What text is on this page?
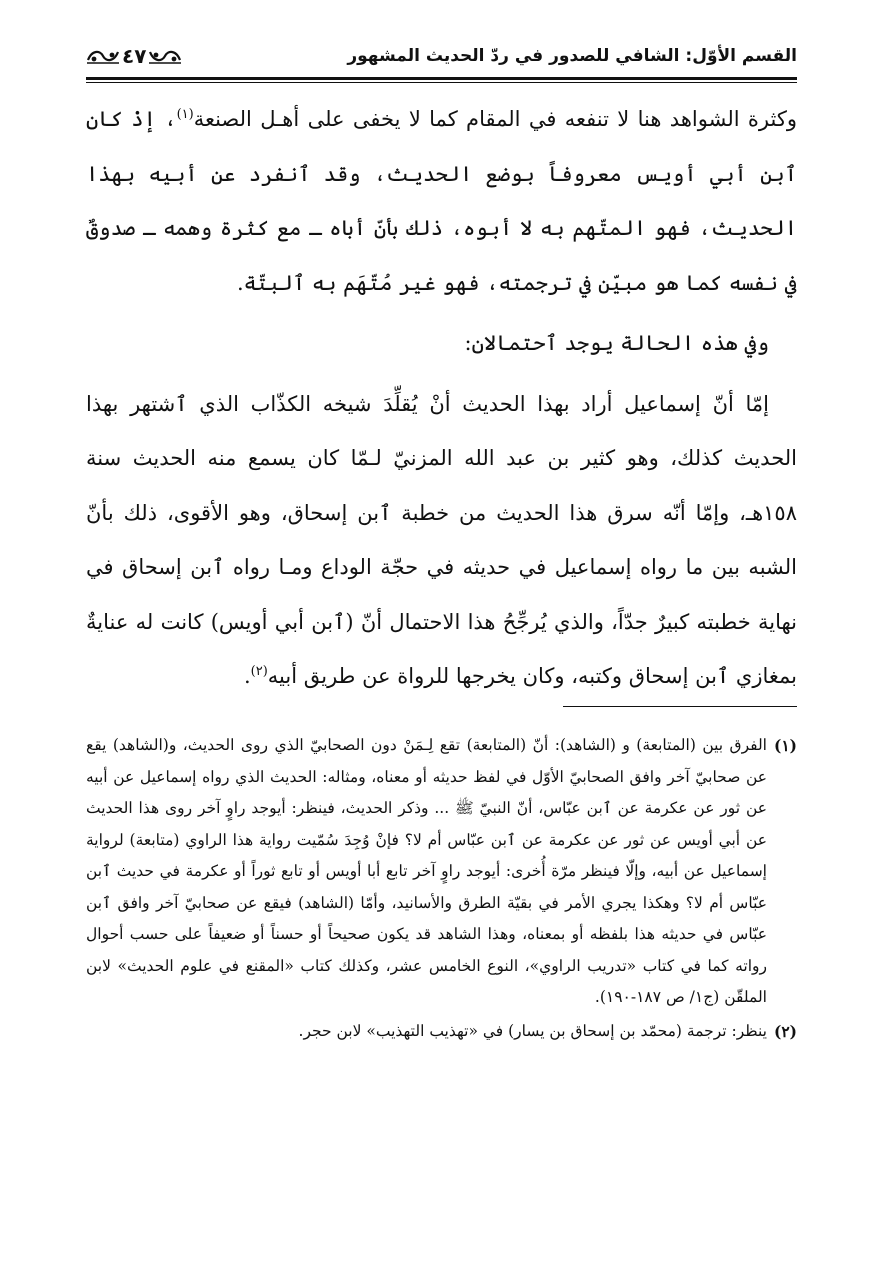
القسم الأوّل: الشافي للصدور في ردّ الحديث المشهور
٤٧

وكثرة الشواهد هنا لا تنفعه في المقام كما لا يخفى على أهـل الصنعة$^{(١)}$، إذْ كان ٱبن أبي أويس معروفاً بوضع الحديث، وقد ٱنفرد عن أبيه بهذا الحديث، فهو المتّهم به لا أبوه، ذلك بأنّ أباه ـ مع كثرة وهمه ـ صدوقٌ في نفسه كما هو مبيّن في ترجمته، فهو غير مُتّهَم به ٱلبتّة.

وفي هذه الحالة يوجد ٱحتمالان:

إمّا أنّ إسماعيل أراد بهذا الحديث أنْ يُقلِّدَ شيخه الكذّاب الذي ٱشتهر بهذا الحديث كذلك، وهو كثير بن عبد الله المزنيّ لـمّا كان يسمع منه الحديث سنة ١٥٨هـ، وإمّا أنّه سرق هذا الحديث من خطبة ٱبن إسحاق، وهو الأقوى، ذلك بأنّ الشبه بين ما رواه إسماعيل في حديثه في حجّة الوداع ومـا رواه ٱبن إسحاق في نهاية خطبته كبيرٌ جدّاً، والذي يُرجِّحُ هذا الاحتمال أنّ (ٱبن أبي أويس) كانت له عنايةٌ بمغازي ٱبن إسحاق وكتبه، وكان يخرجها للرواة عن طريق أبيه$^{(٢)}$.

(١)
الفرق بين (المتابعة) و (الشاهد): أنّ (المتابعة) تقع لِـمَنْ دون الصحابيّ الذي روى الحديث، و(الشاهد) يقع عن صحابيّ آخر وافق الصحابيّ الأوّل في لفظ حديثه أو معناه، ومثاله: الحديث الذي رواه إسماعيل عن أبيه عن ثور عن عكرمة عن ٱبن عبّاس، أنّ النبيّ ﷺ ... وذكر الحديث، فينظر: أيوجد راوٍ آخر روى هذا الحديث عن أبي أويس عن ثور عن عكرمة عن ٱبن عبّاس أم لا؟ فإنْ وُجِدَ سُمّيت رواية هذا الراوي (متابعة) لرواية إسماعيل عن أبيه، وإلّا فينظر مرّة أُخرى: أيوجد راوٍ آخر تابع أبا أويس أو تابع ثوراً أو عكرمة في حديث ٱبن عبّاس أم لا؟ وهكذا يجري الأمر في بقيّة الطرق والأسانيد، وأمّا (الشاهد) فيقع عن صحابيّ آخر وافق ٱبن عبّاس في حديثه هذا بلفظه أو بمعناه، وهذا الشاهد قد يكون صحيحاً أو حسناً أو ضعيفاً على حسب أحوال رواته كما في كتاب «تدريب الراوي»، النوع الخامس عشر، وكذلك كتاب «المقنع في علوم الحديث» لابن الملقّن (ج١/ ص ١٨٧-١٩٠).
(٢)
ينظر: ترجمة (محمّد بن إسحاق بن يسار) في «تهذيب التهذيب» لابن حجر.
